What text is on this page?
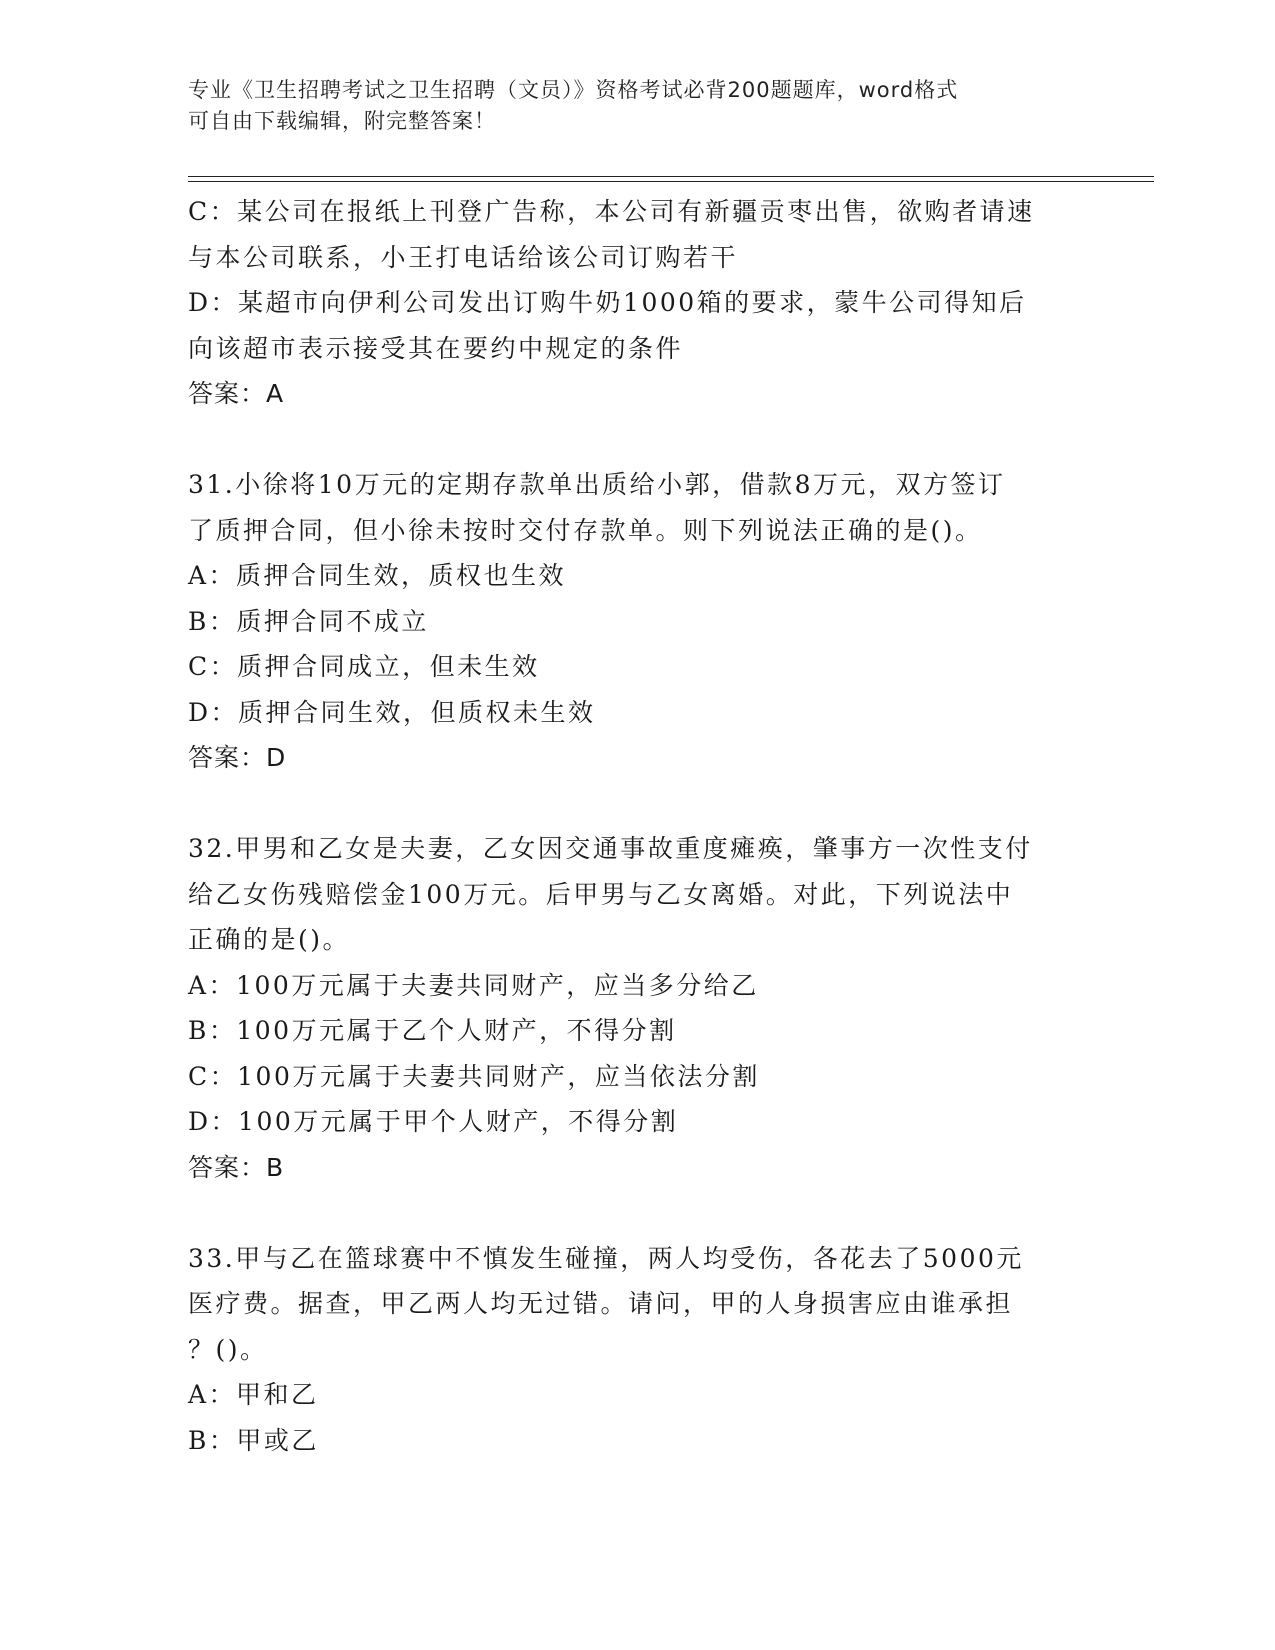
专业《卫生招聘考试之卫生招聘（文员）》资格考试必背200题题库，word格式
可自由下载编辑，附完整答案！
C：某公司在报纸上刊登广告称，本公司有新疆贡枣出售，欲购者请速
与本公司联系，小王打电话给该公司订购若干
D：某超市向伊利公司发出订购牛奶1000箱的要求，蒙牛公司得知后
向该超市表示接受其在要约中规定的条件
答案：A
31.小徐将10万元的定期存款单出质给小郭，借款8万元，双方签订
了质押合同，但小徐未按时交付存款单。则下列说法正确的是()。
A：质押合同生效，质权也生效
B：质押合同不成立
C：质押合同成立，但未生效
D：质押合同生效，但质权未生效
答案：D
32.甲男和乙女是夫妻，乙女因交通事故重度瘫痪，肇事方一次性支付
给乙女伤残赔偿金100万元。后甲男与乙女离婚。对此，下列说法中
正确的是()。
A：100万元属于夫妻共同财产，应当多分给乙
B：100万元属于乙个人财产，不得分割
C：100万元属于夫妻共同财产，应当依法分割
D：100万元属于甲个人财产，不得分割
答案：B
33.甲与乙在篮球赛中不慎发生碰撞，两人均受伤，各花去了5000元
医疗费。据查，甲乙两人均无过错。请问，甲的人身损害应由谁承担
？()。
A：甲和乙
B：甲或乙
